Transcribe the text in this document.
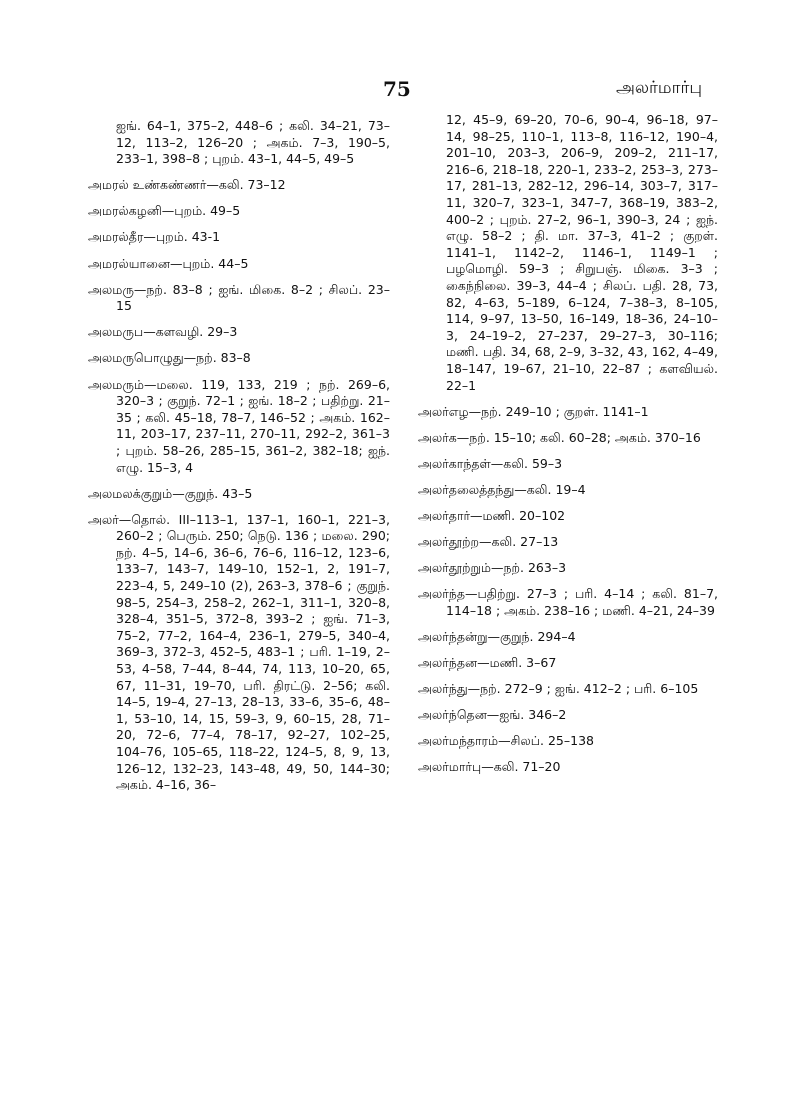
75	அலர்மார்பு

ஐங். 64–1, 375–2, 448–6 ; கலி. 34–21, 73–12, 113–2, 126–20 ; அகம். 7–3, 190–5, 233–1, 398–8 ; புறம். 43–1, 44–5, 49–5

அமரல் உண்கண்ணர்—கலி. 73–12

அமரல்கழனி—புறம். 49–5

அமரல்தீர—புறம். 43-1

அமரல்யானை—புறம். 44–5

அலமரு—நற். 83–8 ; ஐங். மிகை. 8–2 ; சிலப். 23–15

அலமருப—களவழி. 29–3

அலமருபொழுது—நற். 83–8

அலமரும்—மலை. 119, 133, 219 ; நற். 269–6, 320–3 ; குறுந். 72–1 ; ஐங். 18–2 ; பதிற்று. 21–35 ; கலி. 45–18, 78–7, 146–52 ; அகம். 162–11, 203–17, 237–11, 270–11, 292–2, 361–3 ; புறம். 58–26, 285–15, 361–2, 382–18; ஐந். எழு. 15–3, 4

அலமலக்குறும்—குறுந். 43–5

அலர்—தொல். III–113–1, 137–1, 160–1, 221–3, 260–2 ; பெரும். 250; நெடு. 136 ; மலை. 290; நற். 4–5, 14–6, 36–6, 76–6, 116–12, 123–6, 133–7, 143–7, 149–10, 152–1, 2, 191–7, 223–4, 5, 249–10 (2), 263–3, 378–6 ; குறுந். 98–5, 254–3, 258–2, 262–1, 311–1, 320–8, 328–4, 351–5, 372–8, 393–2 ; ஐங். 71–3, 75–2, 77–2, 164–4, 236–1, 279–5, 340–4, 369–3, 372–3, 452–5, 483–1 ; பரி. 1–19, 2–53, 4–58, 7–44, 8–44, 74, 113, 10–20, 65, 67, 11–31, 19–70, பரி. திரட்டு. 2–56; கலி. 14–5, 19–4, 27–13, 28–13, 33–6, 35–6, 48–1, 53–10, 14, 15, 59–3, 9, 60–15, 28, 71–20, 72–6, 77–4, 78–17, 92–27, 102–25, 104–76, 105–65, 118–22, 124–5, 8, 9, 13, 126–12, 132–23, 143–48, 49, 50, 144–30; அகம். 4–16, 36–

12, 45–9, 69–20, 70–6, 90–4, 96–18, 97–14, 98–25, 110–1, 113–8, 116–12, 190–4, 201–10, 203–3, 206–9, 209–2, 211–17, 216–6, 218–18, 220–1, 233–2, 253–3, 273–17, 281–13, 282–12, 296–14, 303–7, 317–11, 320–7, 323–1, 347–7, 368–19, 383–2, 400–2 ; புறம். 27–2, 96–1, 390–3, 24 ; ஐந். எழு. 58–2 ; தி. மா. 37–3, 41–2 ; குறள். 1141–1, 1142–2, 1146–1, 1149–1 ; பழமொழி. 59–3 ; சிறுபஞ். மிகை. 3–3 ; கைந்நிலை. 39–3, 44–4 ; சிலப். பதி. 28, 73, 82, 4–63, 5–189, 6–124, 7–38–3, 8–105, 114, 9–97, 13–50, 16–149, 18–36, 24–10–3, 24–19–2, 27–237, 29–27–3, 30–116; மணி. பதி. 34, 68, 2–9, 3–32, 43, 162, 4–49, 18–147, 19–67, 21–10, 22–87 ; களவியல். 22–1

அலர்எழ—நற். 249–10 ; குறள். 1141–1

அலர்க—நற். 15–10; கலி. 60–28; அகம். 370–16

அலர்காந்தள்—கலி. 59–3

அலர்தலைத்தந்து—கலி. 19–4

அலர்தார்—மணி. 20–102

அலர்தூற்ற—கலி. 27–13

அலர்தூற்றும்—நற். 263–3

அலர்ந்த—பதிற்று. 27–3 ; பரி. 4–14 ; கலி. 81–7, 114–18 ; அகம். 238–16 ; மணி. 4–21, 24–39

அலர்ந்தன்று—குறுந். 294–4

அலர்ந்தன—மணி. 3–67

அலர்ந்து—நற். 272–9 ; ஐங். 412–2 ; பரி. 6–105

அலர்ந்தென—ஐங். 346–2

அலர்மந்தாரம்—சிலப். 25–138

அலர்மார்பு—கலி. 71–20
